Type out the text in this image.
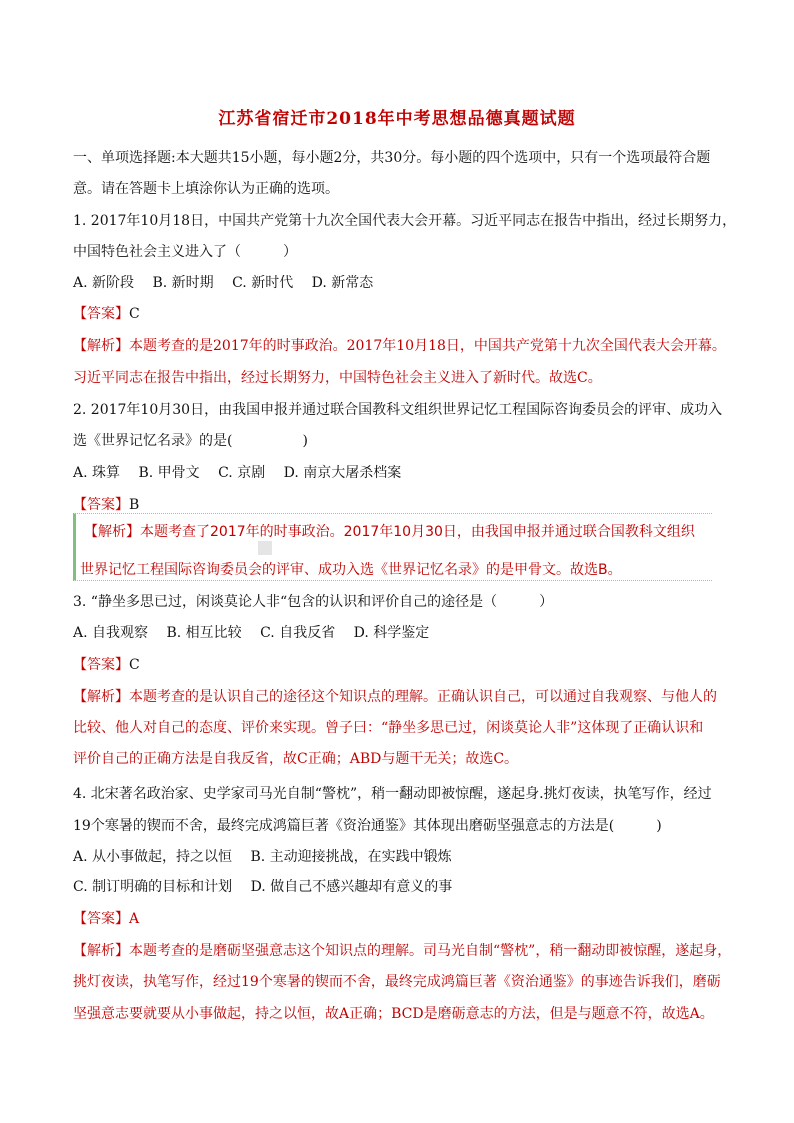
江苏省宿迁市2018年中考思想品德真题试题
一、单项选择题:本大题共15小题，每小题2分，共30分。每小题的四个选项中，只有一个选项最符合题
意。请在答题卡上填涂你认为正确的选项。
1. 2017年10月18日，中国共产党第十九次全国代表大会开幕。习近平同志在报告中指出，经过长期努力，
中国特色社会主义进入了（　　　）
A. 新阶段　 B. 新时期　 C. 新时代　 D. 新常态
【答案】C
【解析】本题考查的是2017年的时事政治。2017年10月18日，中国共产党第十九次全国代表大会开幕。
习近平同志在报告中指出，经过长期努力，中国特色社会主义进入了新时代。故选C。
2. 2017年10月30日，由我国申报并通过联合国教科文组织世界记忆工程国际咨询委员会的评审、成功入
选《世界记忆名录》的是(　　　　　)
A. 珠算　 B. 甲骨文　 C. 京剧　 D. 南京大屠杀档案
【答案】B
【解析】本题考查了2017年的时事政治。2017年10月30日，由我国申报并通过联合国教科文组织
世界记忆工程国际咨询委员会的评审、成功入选《世界记忆名录》的是甲骨文。故选B。
3. “静坐多思已过，闲谈莫论人非“包含的认识和评价自己的途径是（　　　）
A. 自我观察　 B. 相互比较　 C. 自我反省　 D. 科学鉴定
【答案】C
【解析】本题考查的是认识自己的途径这个知识点的理解。正确认识自己，可以通过自我观察、与他人的
比较、他人对自己的态度、评价来实现。曾子曰：“静坐多思已过，闲谈莫论人非”这体现了正确认识和
评价自己的正确方法是自我反省，故C正确；ABD与题干无关；故选C。
4. 北宋著名政治家、史学家司马光自制“警枕”，稍一翻动即被惊醒，遂起身.挑灯夜读，执笔写作，经过
19个寒暑的锲而不舍，最终完成鸿篇巨著《资治通鉴》其体现出磨砺坚强意志的方法是(　　　)
A. 从小事做起，持之以恒　 B. 主动迎接挑战，在实践中锻炼
C. 制订明确的目标和计划　 D. 做自己不感兴趣却有意义的事
【答案】A
【解析】本题考查的是磨砺坚强意志这个知识点的理解。司马光自制“警枕”，稍一翻动即被惊醒，遂起身，
挑灯夜读，执笔写作，经过19个寒暑的锲而不舍，最终完成鸿篇巨著《资治通鉴》的事迹告诉我们，磨砺
坚强意志要就要从小事做起，持之以恒，故A正确；BCD是磨砺意志的方法，但是与题意不符，故选A。
